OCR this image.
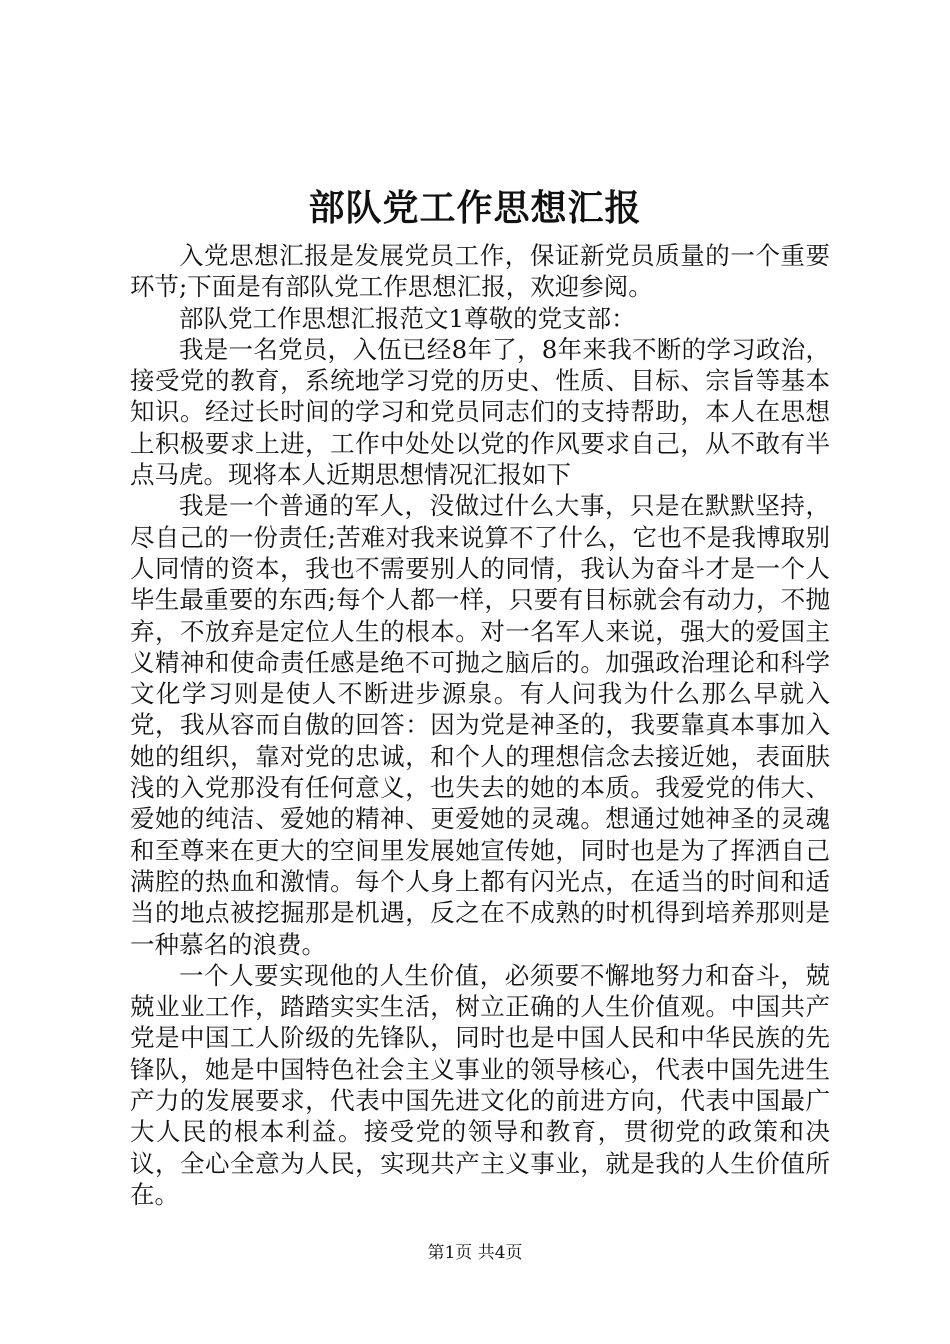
部队党工作思想汇报

入党思想汇报是发展党员工作，保证新党员质量的一个重要环节;下面是有部队党工作思想汇报，欢迎参阅。

部队党工作思想汇报范文1尊敬的党支部：

我是一名党员，入伍已经8年了，8年来我不断的学习政治，接受党的教育，系统地学习党的历史、性质、目标、宗旨等基本知识。经过长时间的学习和党员同志们的支持帮助，本人在思想上积极要求上进，工作中处处以党的作风要求自己，从不敢有半点马虎。现将本人近期思想情况汇报如下

我是一个普通的军人，没做过什么大事，只是在默默坚持，尽自己的一份责任;苦难对我来说算不了什么，它也不是我博取别人同情的资本，我也不需要别人的同情，我认为奋斗才是一个人毕生最重要的东西;每个人都一样，只要有目标就会有动力，不抛弃，不放弃是定位人生的根本。对一名军人来说，强大的爱国主义精神和使命责任感是绝不可抛之脑后的。加强政治理论和科学文化学习则是使人不断进步源泉。有人问我为什么那么早就入党，我从容而自傲的回答：因为党是神圣的，我要靠真本事加入她的组织，靠对党的忠诚，和个人的理想信念去接近她，表面肤浅的入党那没有任何意义，也失去的她的本质。我爱党的伟大、爱她的纯洁、爱她的精神、更爱她的灵魂。想通过她神圣的灵魂和至尊来在更大的空间里发展她宣传她，同时也是为了挥洒自己满腔的热血和激情。每个人身上都有闪光点，在适当的时间和适当的地点被挖掘那是机遇，反之在不成熟的时机得到培养那则是一种慕名的浪费。

一个人要实现他的人生价值，必须要不懈地努力和奋斗，兢兢业业工作，踏踏实实生活，树立正确的人生价值观。中国共产党是中国工人阶级的先锋队，同时也是中国人民和中华民族的先锋队，她是中国特色社会主义事业的领导核心，代表中国先进生产力的发展要求，代表中国先进文化的前进方向，代表中国最广大人民的根本利益。接受党的领导和教育，贯彻党的政策和决议，全心全意为人民，实现共产主义事业，就是我的人生价值所在。

第1页 共4页
